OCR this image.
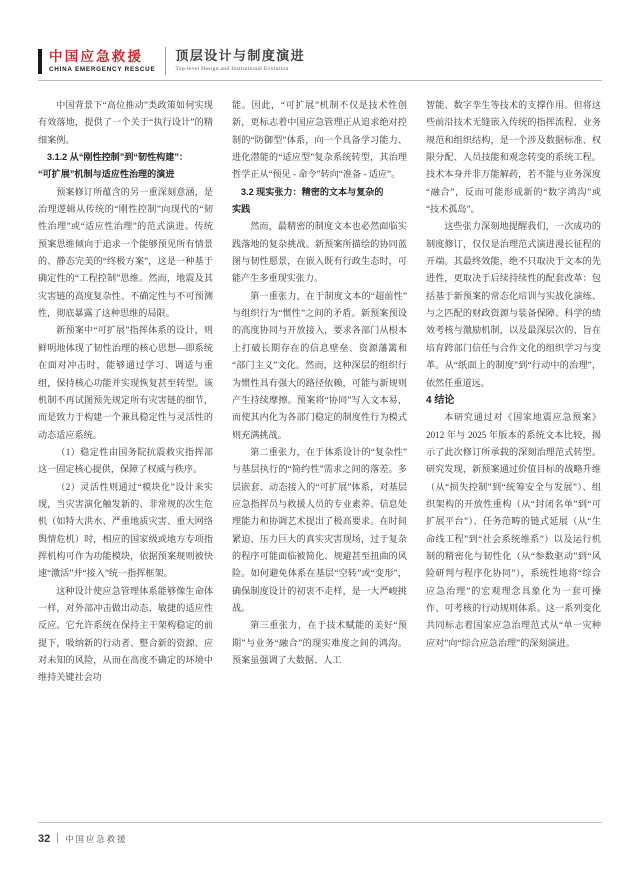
中国应急救援
CHINA EMERGENCY RESCUE
顶层设计与制度演进
Top-level Design and Institutional Evolution

中国背景下“高位推动”类政策如何实现有效落地，提供了一个关于“执行设计”的精细案例。

3.1.2 从“刚性控制”到“韧性构建”：
“可扩展”机制与适应性治理的演进

预案修订所蕴含的另一重深刻意涵，是治理逻辑从传统的“刚性控制”向现代的“韧性治理”或“适应性治理”的范式演进。传统预案思维倾向于追求一个能够预见所有情景的、静态完美的“终极方案”，这是一种基于确定性的“工程控制”思维。然而，地震及其灾害链的高度复杂性、不确定性与不可预测性，彻底暴露了这种思维的局限。

新预案中“可扩展”指挥体系的设计，则鲜明地体现了韧性治理的核心思想—即系统在面对冲击时，能够通过学习、调适与重组，保持核心功能并实现恢复甚至转型。该机制不再试图预先规定所有灾害链的细节，而是致力于构建一个兼具稳定性与灵活性的动态适应系统。

（1）稳定性由国务院抗震救灾指挥部这一固定核心提供，保障了权威与秩序。

（2）灵活性则通过“模块化”设计来实现，当灾害演化触发新的、非常规的次生危机（如特大洪水、严重地质灾害、重大网络舆情危机）时，相应的国家级或地方专项指挥机构可作为功能模块，依据预案规则被快速“激活”并“接入”统一指挥框架。

这种设计使应急管理体系能够像生命体一样，对外部冲击做出动态、敏捷的适应性反应。它允许系统在保持主干架构稳定的前提下，吸纳新的行动者、整合新的资源、应对未知的风险，从而在高度不确定的环境中维持关键社会功

能。因此，“可扩展”机制不仅是技术性创新，更标志着中国应急管理正从追求绝对控制的“防御型”体系，向一个具备学习能力、进化潜能的“适应型”复杂系统转型，其治理哲学正从“预见 - 命令”转向“准备 - 适应”。

3.2 现实张力：精密的文本与复杂的
实践

然而，最精密的制度文本也必然面临实践落地的复杂挑战。新预案所描绘的协同蓝图与韧性愿景，在嵌入既有行政生态时，可能产生多重现实张力。

第一重张力，在于制度文本的“超前性”与组织行为“惯性”之间的矛盾。新预案预设的高度协同与开放接入，要求各部门从根本上打破长期存在的信息壁垒、资源藩篱和“部门主义”文化。然而，这种深层的组织行为惯性具有强大的路径依赖，可能与新规则产生持续摩擦。预案将“协同”写入文本易，而使其内化为各部门稳定的制度性行为模式则充满挑战。

第二重张力，在于体系设计的“复杂性”与基层执行的“简约性”需求之间的落差。多层嵌套、动态接入的“可扩展”体系，对基层应急指挥员与救援人员的专业素养、信息处理能力和协调艺术提出了极高要求。在时间紧迫、压力巨大的真实灾害现场，过于复杂的程序可能面临被简化、规避甚至扭曲的风险。如何避免体系在基层“空转”或“变形”，确保制度设计的初衷不走样，是一大严峻挑战。

第三重张力，在于技术赋能的美好“预期”与业务“融合”的现实难度之间的鸿沟。预案虽强调了大数据、人工

智能、数字孪生等技术的支撑作用。但将这些前沿技术无缝嵌入传统的指挥流程、业务规范和组织结构，是一个涉及数据标准、权限分配、人员技能和观念转变的系统工程。技术本身并非万能解药，若不能与业务深度“融合”，反而可能形成新的“数字鸿沟”或“技术孤岛”。

这些张力深刻地提醒我们，一次成功的制度修订，仅仅是治理范式演进漫长征程的开端。其最终效能，绝不只取决于文本的先进性，更取决于后续持续性的配套改革：包括基于新预案的常态化培训与实战化演练、与之匹配的财政资源与装备保障、科学的绩效考核与激励机制，以及最深层次的、旨在培育跨部门信任与合作文化的组织学习与变革。从“纸面上的制度”到“行动中的治理”，依然任重道远。

4 结论

本研究通过对《国家地震应急预案》2012 年与 2025 年版本的系统文本比较，揭示了此次修订所承载的深刻治理范式转型。研究发现，新预案通过价值目标的战略升维（从“损失控制”到“统筹安全与发展”）、组织架构的开放性重构（从“封闭名单”到“可扩展平台”）、任务范畴的链式延展（从“生命线工程”到“社会系统维系”）以及运行机制的精密化与韧性化（从“参数驱动”到“风险研判与程序化协同”），系统性地将“综合应急治理”的宏观理念具象化为一套可操作、可考核的行动规则体系。这一系列变化共同标志着国家应急治理范式从“单一灾种应对”向“综合应急治理”的深刻演进。

32 中国应急救援
